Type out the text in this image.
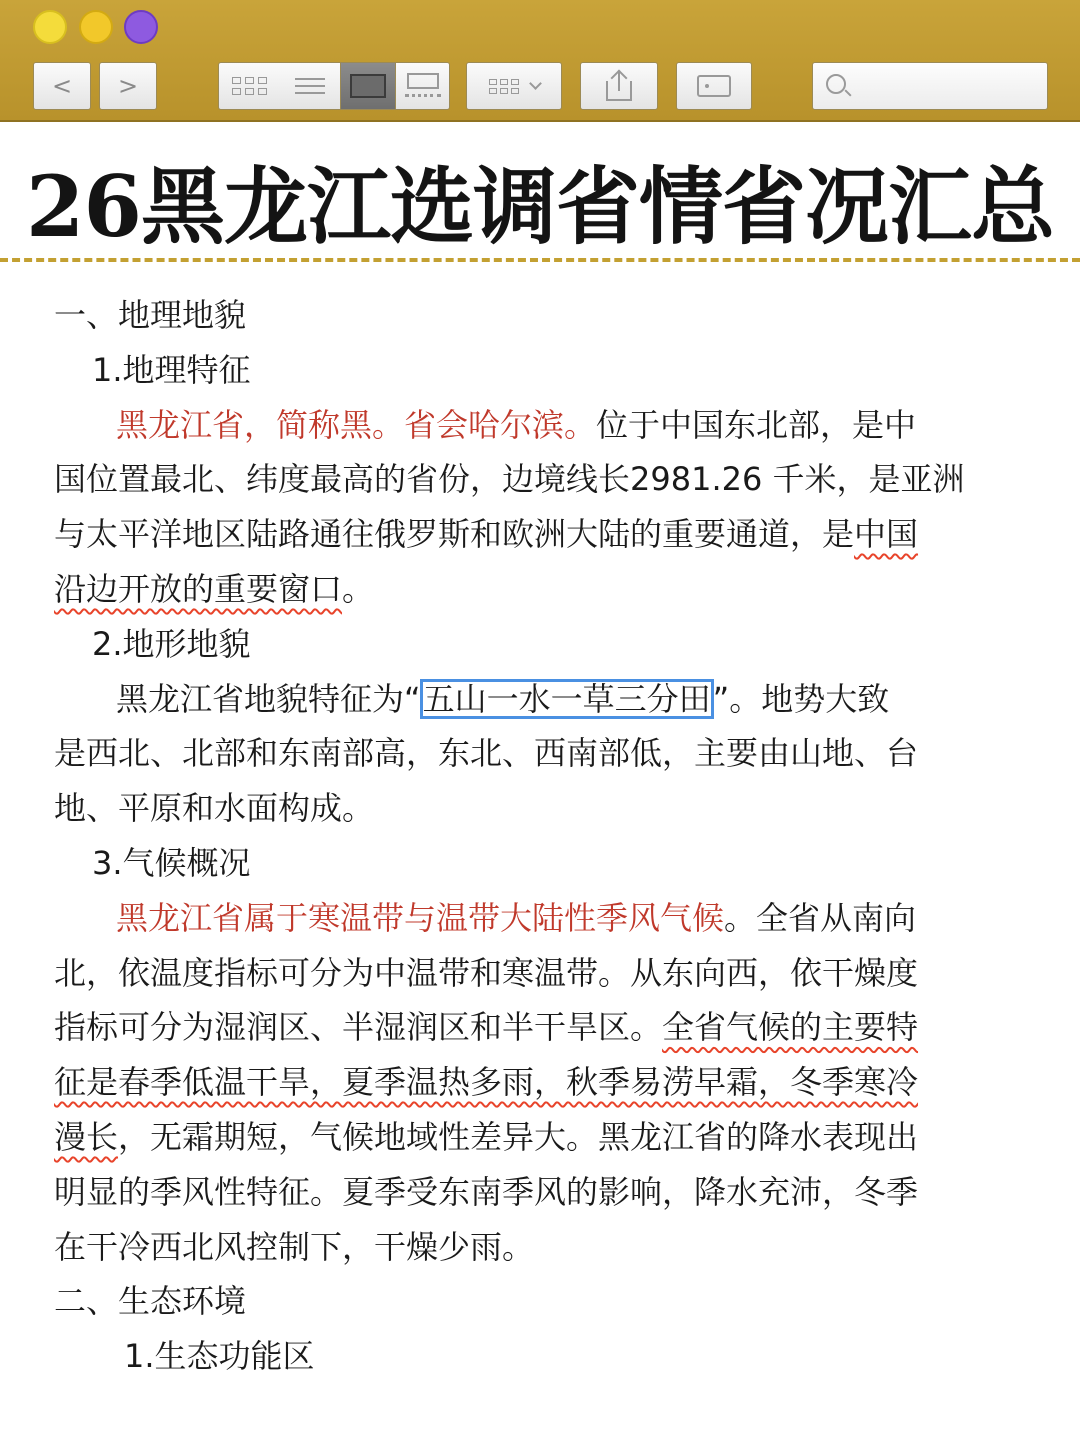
< >
26黑龙江选调省情省况汇总
一、地理地貌
1.地理特征
黑龙江省，简称黑。省会哈尔滨。位于中国东北部，是中
国位置最北、纬度最高的省份，边境线长2981.26 千米，是亚洲
与太平洋地区陆路通往俄罗斯和欧洲大陆的重要通道，是中国
沿边开放的重要窗口。
2.地形地貌
黑龙江省地貌特征为“五山一水一草三分田”。地势大致
是西北、北部和东南部高，东北、西南部低，主要由山地、台
地、平原和水面构成。
3.气候概况
黑龙江省属于寒温带与温带大陆性季风气候。全省从南向
北，依温度指标可分为中温带和寒温带。从东向西，依干燥度
指标可分为湿润区、半湿润区和半干旱区。全省气候的主要特
征是春季低温干旱，夏季温热多雨，秋季易涝早霜，冬季寒冷
漫长，无霜期短，气候地域性差异大。黑龙江省的降水表现出
明显的季风性特征。夏季受东南季风的影响，降水充沛，冬季
在干冷西北风控制下，干燥少雨。
二、生态环境
1.生态功能区
